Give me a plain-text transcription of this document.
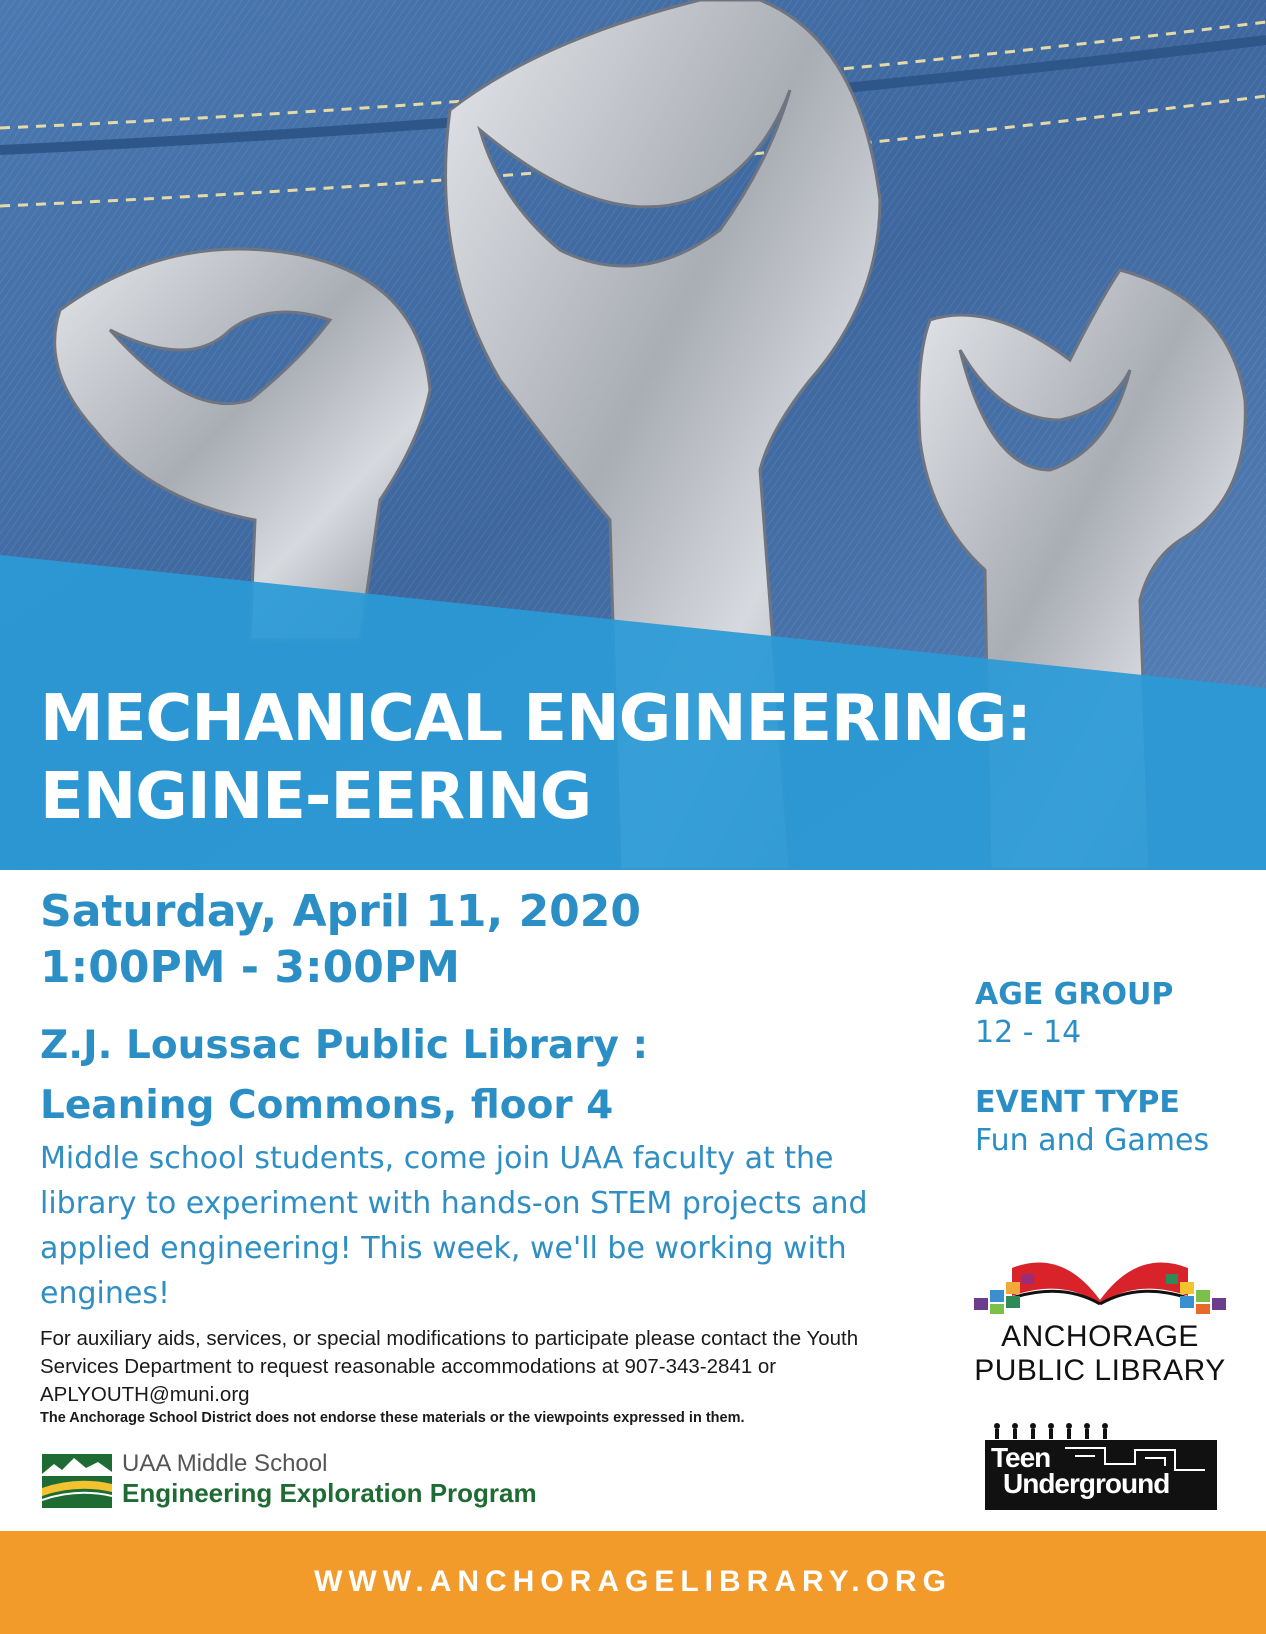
MECHANICAL ENGINEERING:
ENGINE-EERING
Saturday, April 11, 2020
1:00PM - 3:00PM
Z.J. Loussac Public Library :
Leaning Commons, floor 4
Middle school students, come join UAA faculty at the library to experiment with hands-on STEM projects and applied engineering! This week, we'll be working with engines!
For auxiliary aids, services, or special modifications to participate please contact the Youth Services Department to request reasonable accommodations at 907-343-2841 or APLYOUTH@muni.org
The Anchorage School District does not endorse these materials or the viewpoints expressed in them.
UAA Middle School
Engineering Exploration Program
AGE GROUP
12 - 14
EVENT TYPE
Fun and Games
ANCHORAGE
PUBLIC LIBRARY
Teen
Underground
WWW.ANCHORAGELIBRARY.ORG
